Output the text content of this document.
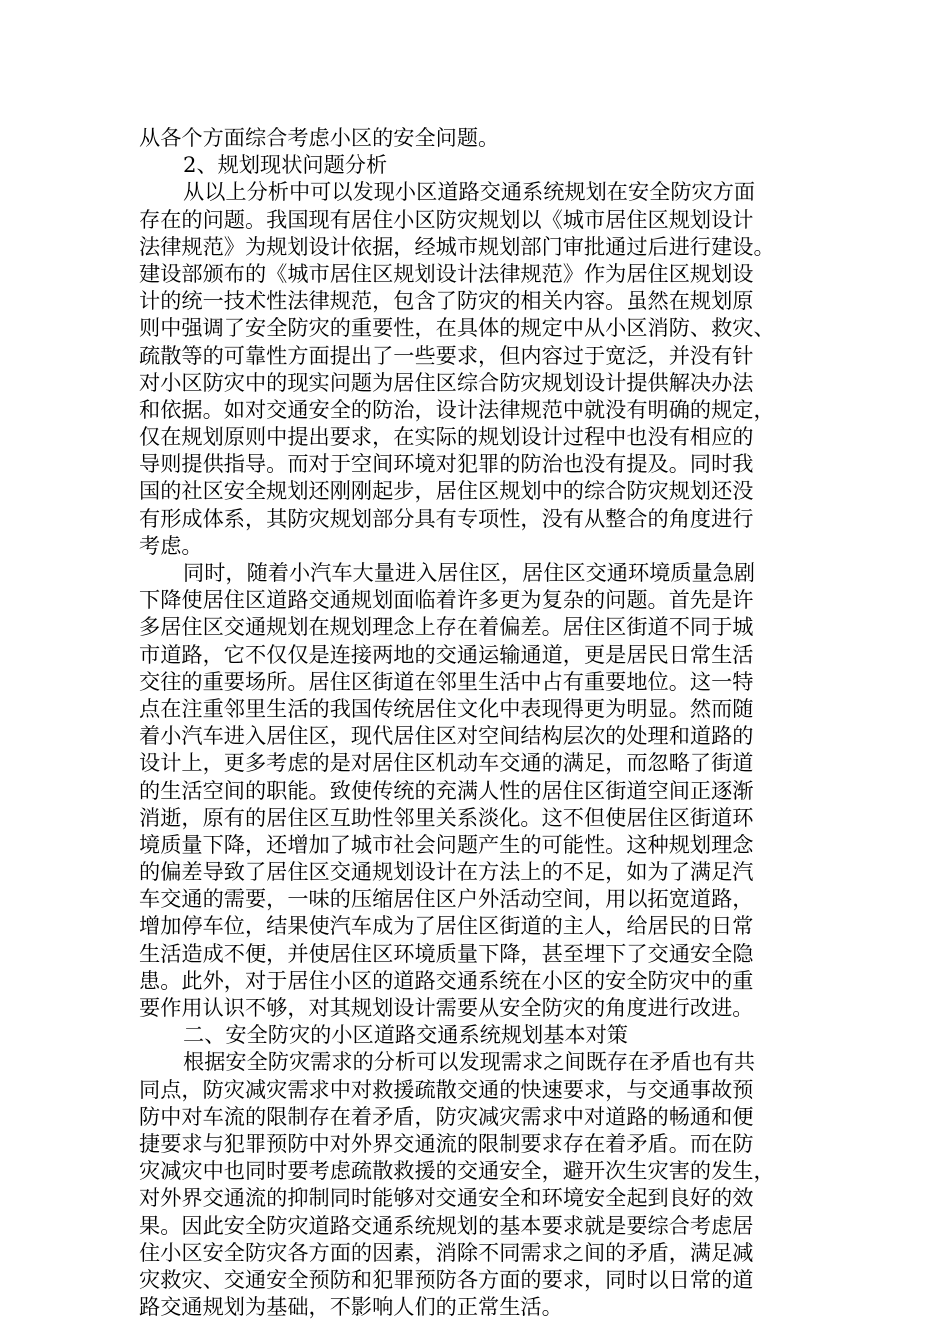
从各个方面综合考虑小区的安全问题。
2、规划现状问题分析
从以上分析中可以发现小区道路交通系统规划在安全防灾方面
存在的问题。我国现有居住小区防灾规划以《城市居住区规划设计
法律规范》为规划设计依据，经城市规划部门审批通过后进行建设。
建设部颁布的《城市居住区规划设计法律规范》作为居住区规划设
计的统一技术性法律规范，包含了防灾的相关内容。虽然在规划原
则中强调了安全防灾的重要性，在具体的规定中从小区消防、救灾、
疏散等的可靠性方面提出了一些要求，但内容过于宽泛，并没有针
对小区防灾中的现实问题为居住区综合防灾规划设计提供解决办法
和依据。如对交通安全的防治，设计法律规范中就没有明确的规定，
仅在规划原则中提出要求，在实际的规划设计过程中也没有相应的
导则提供指导。而对于空间环境对犯罪的防治也没有提及。同时我
国的社区安全规划还刚刚起步，居住区规划中的综合防灾规划还没
有形成体系，其防灾规划部分具有专项性，没有从整合的角度进行
考虑。
同时，随着小汽车大量进入居住区，居住区交通环境质量急剧
下降使居住区道路交通规划面临着许多更为复杂的问题。首先是许
多居住区交通规划在规划理念上存在着偏差。居住区街道不同于城
市道路，它不仅仅是连接两地的交通运输通道，更是居民日常生活
交往的重要场所。居住区街道在邻里生活中占有重要地位。这一特
点在注重邻里生活的我国传统居住文化中表现得更为明显。然而随
着小汽车进入居住区，现代居住区对空间结构层次的处理和道路的
设计上，更多考虑的是对居住区机动车交通的满足，而忽略了街道
的生活空间的职能。致使传统的充满人性的居住区街道空间正逐渐
消逝，原有的居住区互助性邻里关系淡化。这不但使居住区街道环
境质量下降，还增加了城市社会问题产生的可能性。这种规划理念
的偏差导致了居住区交通规划设计在方法上的不足，如为了满足汽
车交通的需要，一味的压缩居住区户外活动空间，用以拓宽道路，
增加停车位，结果使汽车成为了居住区街道的主人，给居民的日常
生活造成不便，并使居住区环境质量下降，甚至埋下了交通安全隐
患。此外，对于居住小区的道路交通系统在小区的安全防灾中的重
要作用认识不够，对其规划设计需要从安全防灾的角度进行改进。
二、安全防灾的小区道路交通系统规划基本对策
根据安全防灾需求的分析可以发现需求之间既存在矛盾也有共
同点，防灾减灾需求中对救援疏散交通的快速要求，与交通事故预
防中对车流的限制存在着矛盾，防灾减灾需求中对道路的畅通和便
捷要求与犯罪预防中对外界交通流的限制要求存在着矛盾。而在防
灾减灾中也同时要考虑疏散救援的交通安全，避开次生灾害的发生，
对外界交通流的抑制同时能够对交通安全和环境安全起到良好的效
果。因此安全防灾道路交通系统规划的基本要求就是要综合考虑居
住小区安全防灾各方面的因素，消除不同需求之间的矛盾，满足减
灾救灾、交通安全预防和犯罪预防各方面的要求，同时以日常的道
路交通规划为基础，不影响人们的正常生活。
